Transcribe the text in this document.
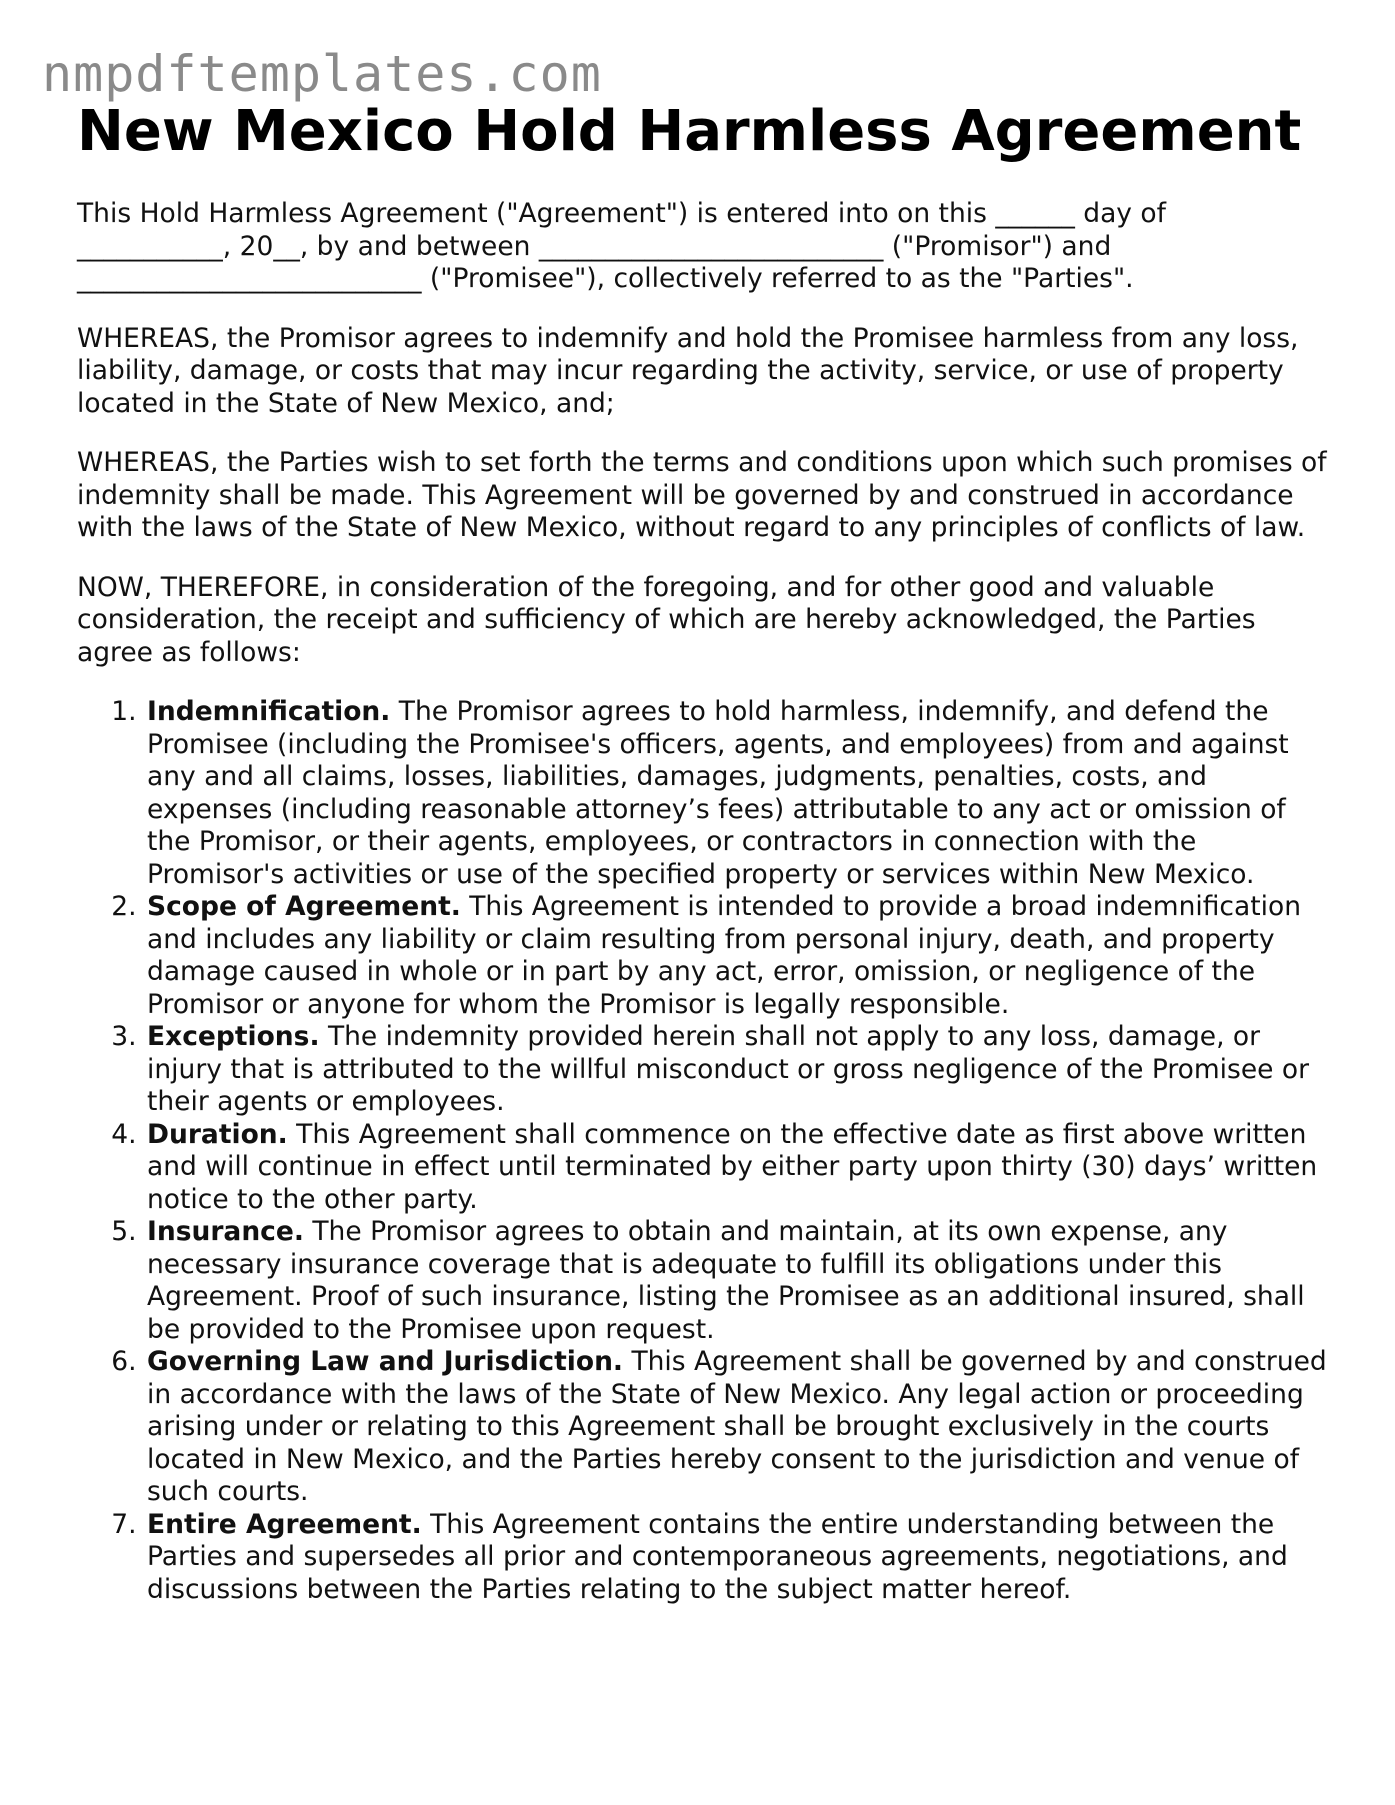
nmpdftemplates.com
New Mexico Hold Harmless Agreement

This Hold Harmless Agreement ("Agreement") is entered into on this ______ day of
___________, 20__, by and between __________________________ ("Promisor") and
__________________________ ("Promisee"), collectively referred to as the "Parties".

WHEREAS, the Promisor agrees to indemnify and hold the Promisee harmless from any loss, liability, damage, or costs that may incur regarding the activity, service, or use of property located in the State of New Mexico, and;

WHEREAS, the Parties wish to set forth the terms and conditions upon which such promises of indemnity shall be made. This Agreement will be governed by and construed in accordance with the laws of the State of New Mexico, without regard to any principles of conflicts of law.

NOW, THEREFORE, in consideration of the foregoing, and for other good and valuable consideration, the receipt and sufficiency of which are hereby acknowledged, the Parties agree as follows:

1. Indemnification. The Promisor agrees to hold harmless, indemnify, and defend the Promisee (including the Promisee's officers, agents, and employees) from and against any and all claims, losses, liabilities, damages, judgments, penalties, costs, and expenses (including reasonable attorney’s fees) attributable to any act or omission of the Promisor, or their agents, employees, or contractors in connection with the Promisor's activities or use of the specified property or services within New Mexico.
2. Scope of Agreement. This Agreement is intended to provide a broad indemnification and includes any liability or claim resulting from personal injury, death, and property damage caused in whole or in part by any act, error, omission, or negligence of the Promisor or anyone for whom the Promisor is legally responsible.
3. Exceptions. The indemnity provided herein shall not apply to any loss, damage, or injury that is attributed to the willful misconduct or gross negligence of the Promisee or their agents or employees.
4. Duration. This Agreement shall commence on the effective date as first above written and will continue in effect until terminated by either party upon thirty (30) days’ written notice to the other party.
5. Insurance. The Promisor agrees to obtain and maintain, at its own expense, any necessary insurance coverage that is adequate to fulfill its obligations under this Agreement. Proof of such insurance, listing the Promisee as an additional insured, shall be provided to the Promisee upon request.
6. Governing Law and Jurisdiction. This Agreement shall be governed by and construed in accordance with the laws of the State of New Mexico. Any legal action or proceeding arising under or relating to this Agreement shall be brought exclusively in the courts located in New Mexico, and the Parties hereby consent to the jurisdiction and venue of such courts.
7. Entire Agreement. This Agreement contains the entire understanding between the Parties and supersedes all prior and contemporaneous agreements, negotiations, and discussions between the Parties relating to the subject matter hereof.
